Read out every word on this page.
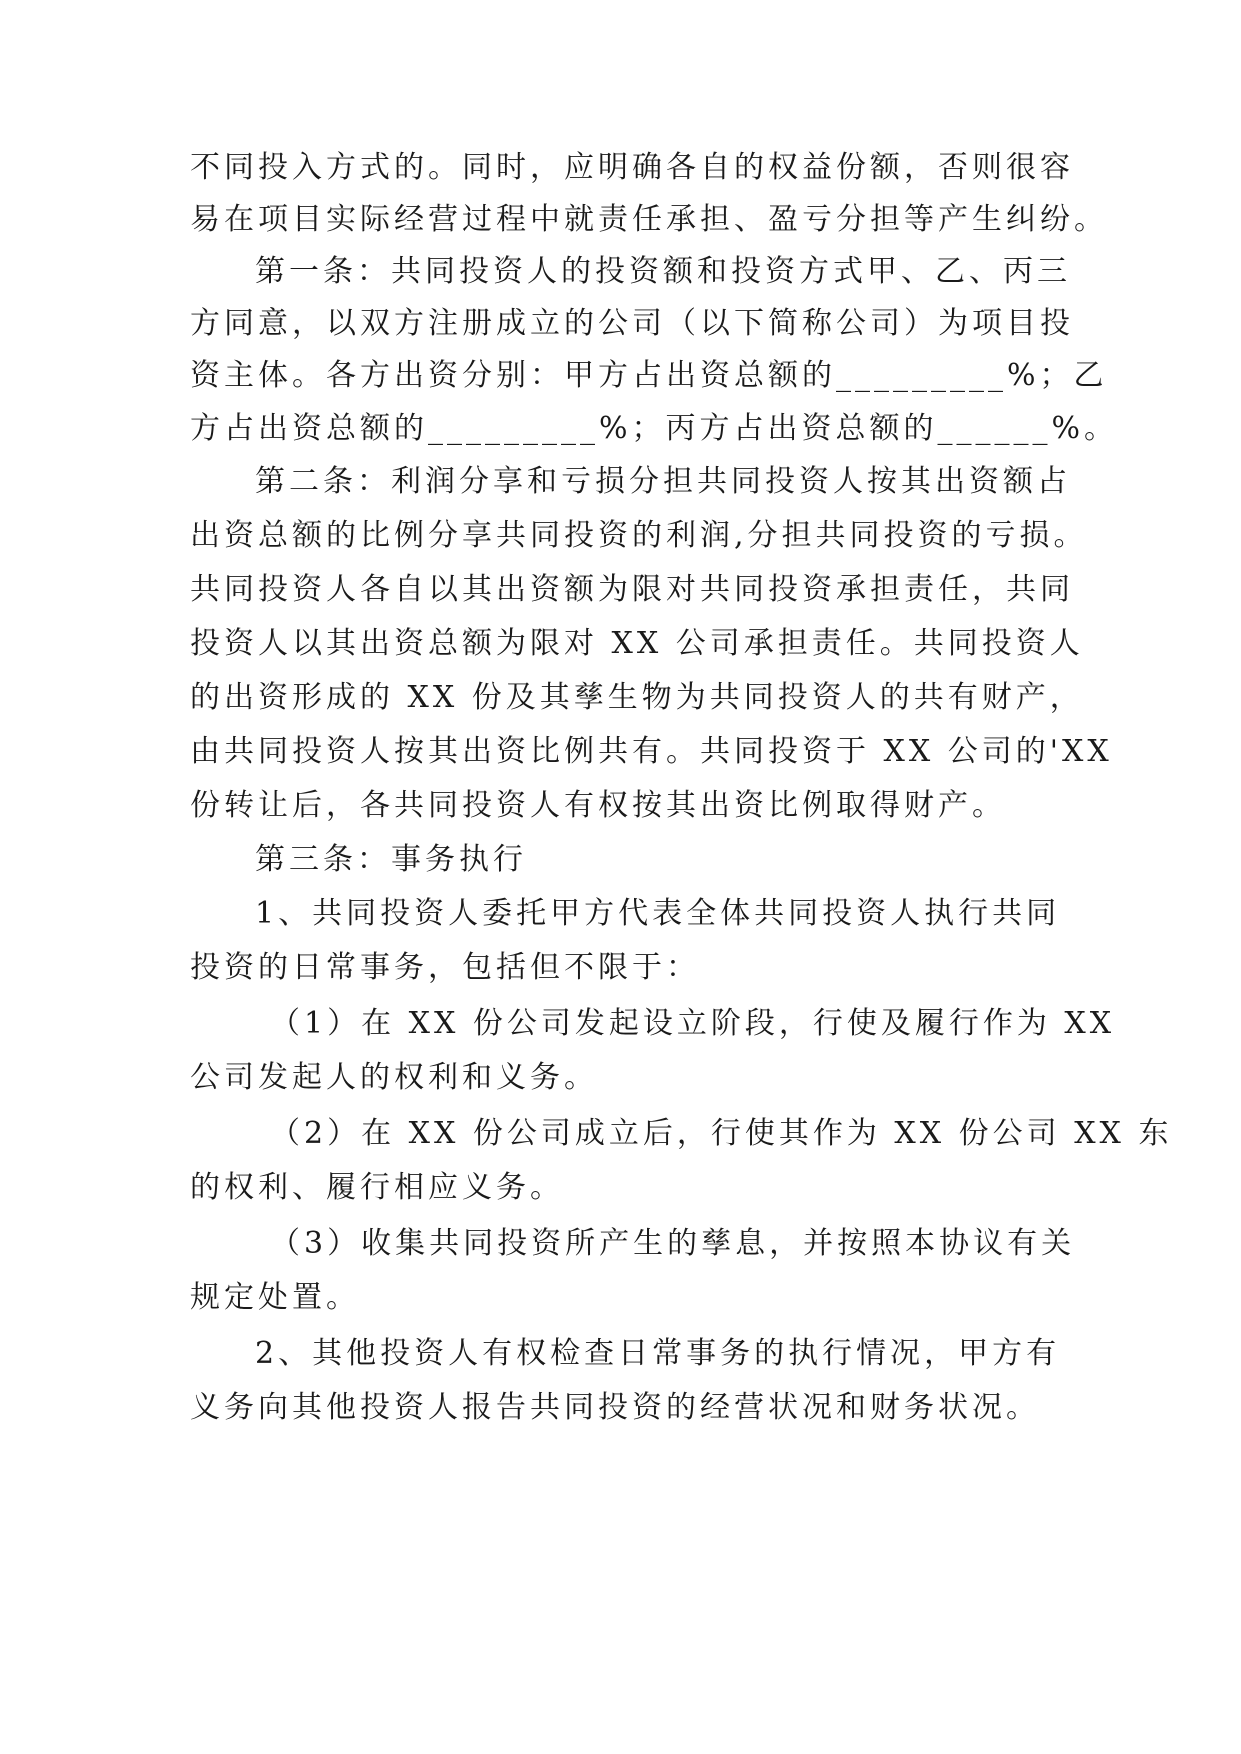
不同投入方式的。同时，应明确各自的权益份额，否则很容
易在项目实际经营过程中就责任承担、盈亏分担等产生纠纷。
第一条：共同投资人的投资额和投资方式甲、乙、丙三
方同意，以双方注册成立的公司（以下简称公司）为项目投
资主体。各方出资分别：甲方占出资总额的_________%；乙
方占出资总额的_________%；丙方占出资总额的______%。
第二条：利润分享和亏损分担共同投资人按其出资额占
出资总额的比例分享共同投资的利润,分担共同投资的亏损。
共同投资人各自以其出资额为限对共同投资承担责任，共同
投资人以其出资总额为限对 XX 公司承担责任。共同投资人
的出资形成的 XX 份及其孳生物为共同投资人的共有财产，
由共同投资人按其出资比例共有。共同投资于 XX 公司的'XX
份转让后，各共同投资人有权按其出资比例取得财产。
第三条：事务执行
1、共同投资人委托甲方代表全体共同投资人执行共同
投资的日常事务，包括但不限于：
（1）在 XX 份公司发起设立阶段，行使及履行作为 XX
公司发起人的权利和义务。
（2）在 XX 份公司成立后，行使其作为 XX 份公司 XX 东
的权利、履行相应义务。
（3）收集共同投资所产生的孳息，并按照本协议有关
规定处置。
2、其他投资人有权检查日常事务的执行情况，甲方有
义务向其他投资人报告共同投资的经营状况和财务状况。
